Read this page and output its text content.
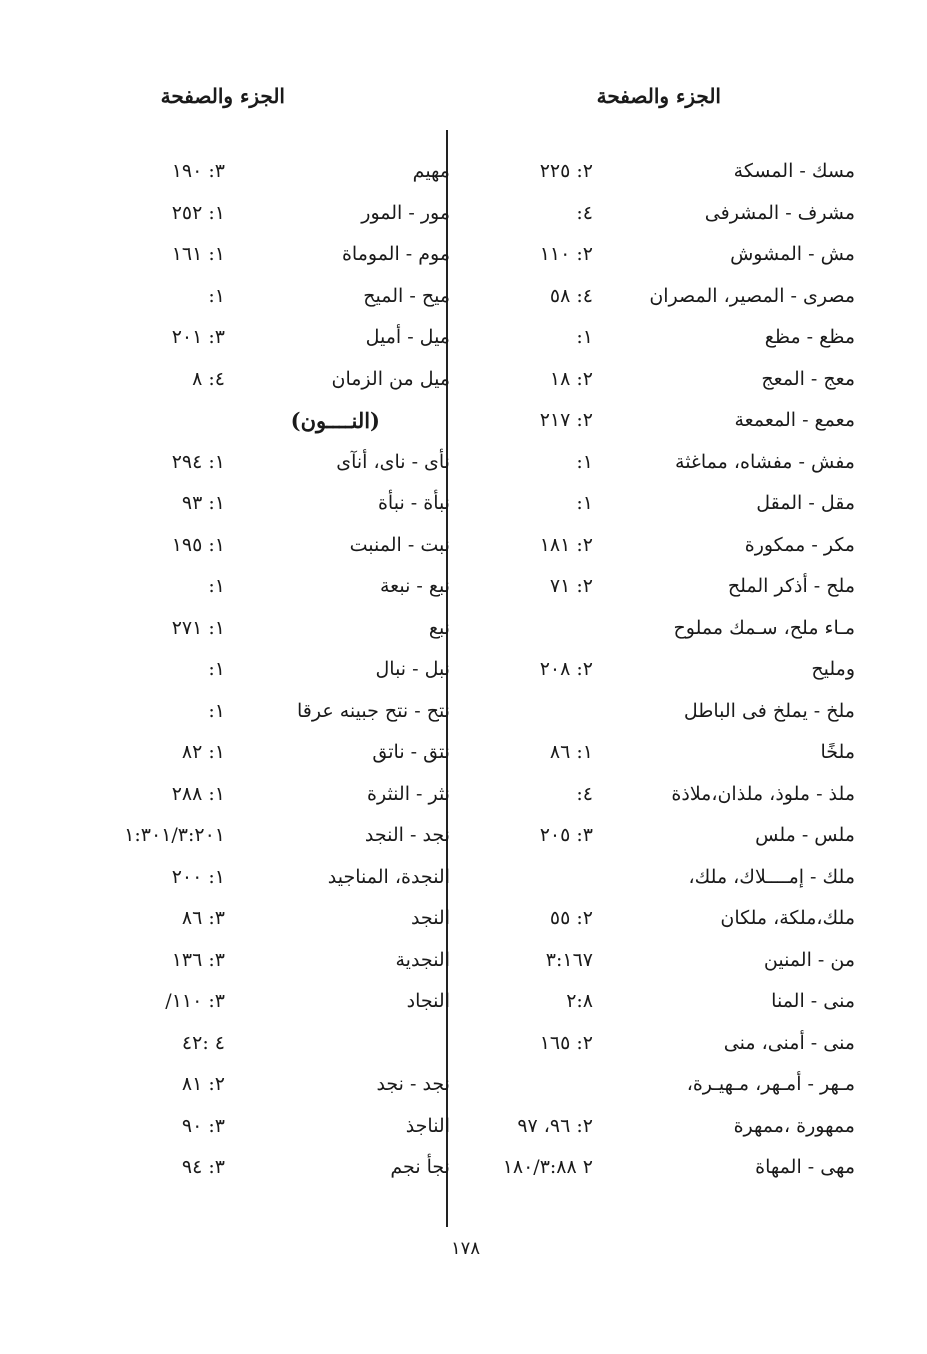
الجزء والصفحة
الجزء والصفحة
مسك - المسكة
٢: ٢٢٥
مشرف - المشرفى
٤:
مش - المشوش
٢: ١١٠
مصرى - المصير، المصران
٤: ٥٨
مظع - مظع
١:
معج - المعج
٢: ١٨
معمع - المعمعة
٢: ٢١٧
مفش - مفشاه، مماغثة
١:
مقل - المقل
١:
مكر - ممكورة
٢: ١٨١
ملح - أذكر الملح
٢: ٧١
مـاء ملح، سـمك مملوح
ومليح
٢: ٢٠٨
ملخ - يملخ فى الباطل
ملخًا
١: ٨٦
ملذ - ملوذ، ملذان،ملاذة
٤:
ملس - ملس
٣: ٢٠٥
ملك - إمــــلاك، ملك،
ملك،ملكة، ملكان
٢: ٥٥
من - المنين
٣:١٦٧
منى - المنا
٢:٨
منى - أمنى، منى
٢: ١٦٥
مـهر - أمـهر، مـهيـرة،
ممهورة ،ممهرة
٢: ٩٦، ٩٧
مهى - المهاة
٢ ١٨٠/٣:٨٨
مهيم
٣: ١٩٠
مور - المور
١: ٢٥٢
موم - الموماة
١: ١٦١
ميح - الميح
١:
ميل - أميل
٣: ٢٠١
ميل من الزمان
٤: ٨
(النــــون)
نأى - ناى، أنآى
١: ٢٩٤
نبأة - نبأة
١: ٩٣
نبت - المنبت
١: ١٩٥
نبع - نبعة
١:
نبع
١: ٢٧١
نبل - نبال
١:
نتح - نتح جبينه عرقا
١:
نتق - ناتق
١: ٨٢
نثر - النثرة
١: ٢٨٨
نجد - النجد
١:٣٠١/٣:٢٠١
النجدة، المناجيد
١: ٢٠٠
النجد
٣: ٨٦
النجدية
٣: ١٣٦
النجاد
٣: ١١٠/
٤ :٤٢
نجد - نجد
٢: ٨١
الناجذ
٣: ٩٠
نجأ نجم
٣: ٩٤
١٧٨
